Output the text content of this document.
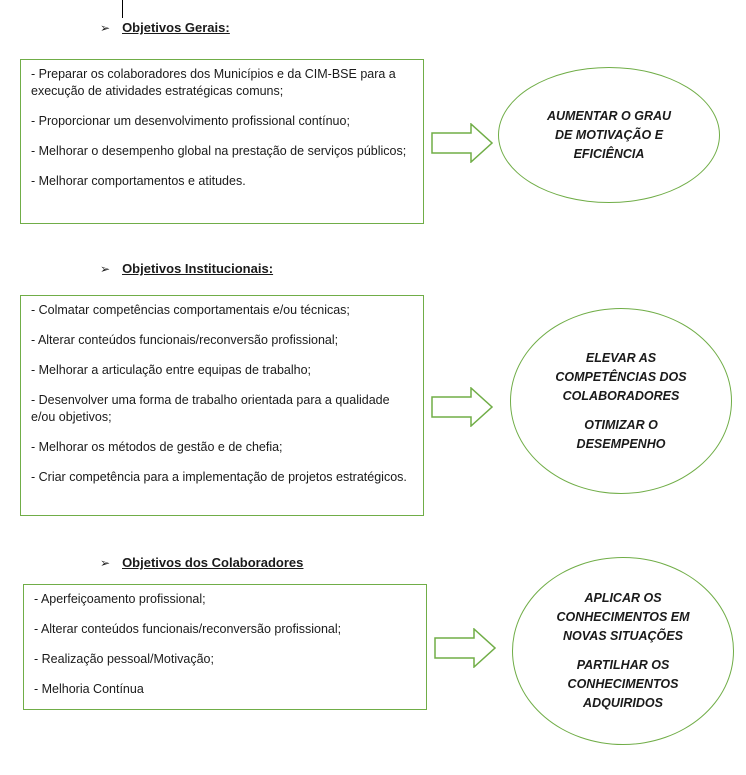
➢ Objetivos Gerais:
- Preparar os colaboradores dos Municípios e da CIM-BSE para a execução de atividades estratégicas comuns;
- Proporcionar um desenvolvimento profissional contínuo;
- Melhorar o desempenho global na prestação de serviços públicos;
- Melhorar comportamentos e atitudes.
AUMENTAR O GRAU
DE MOTIVAÇÃO E
EFICIÊNCIA
➢ Objetivos Institucionais:
- Colmatar competências comportamentais e/ou técnicas;
- Alterar conteúdos funcionais/reconversão profissional;
- Melhorar a articulação entre equipas de trabalho;
- Desenvolver uma forma de trabalho orientada para a qualidade e/ou objetivos;
- Melhorar os métodos de gestão e de chefia;
- Criar competência para a implementação de projetos estratégicos.
ELEVAR AS
COMPETÊNCIAS DOS
COLABORADORES
OTIMIZAR O
DESEMPENHO
➢ Objetivos dos Colaboradores
- Aperfeiçoamento profissional;
- Alterar conteúdos funcionais/reconversão profissional;
- Realização pessoal/Motivação;
- Melhoria Contínua
APLICAR OS
CONHECIMENTOS EM
NOVAS SITUAÇÕES
PARTILHAR OS
CONHECIMENTOS
ADQUIRIDOS
